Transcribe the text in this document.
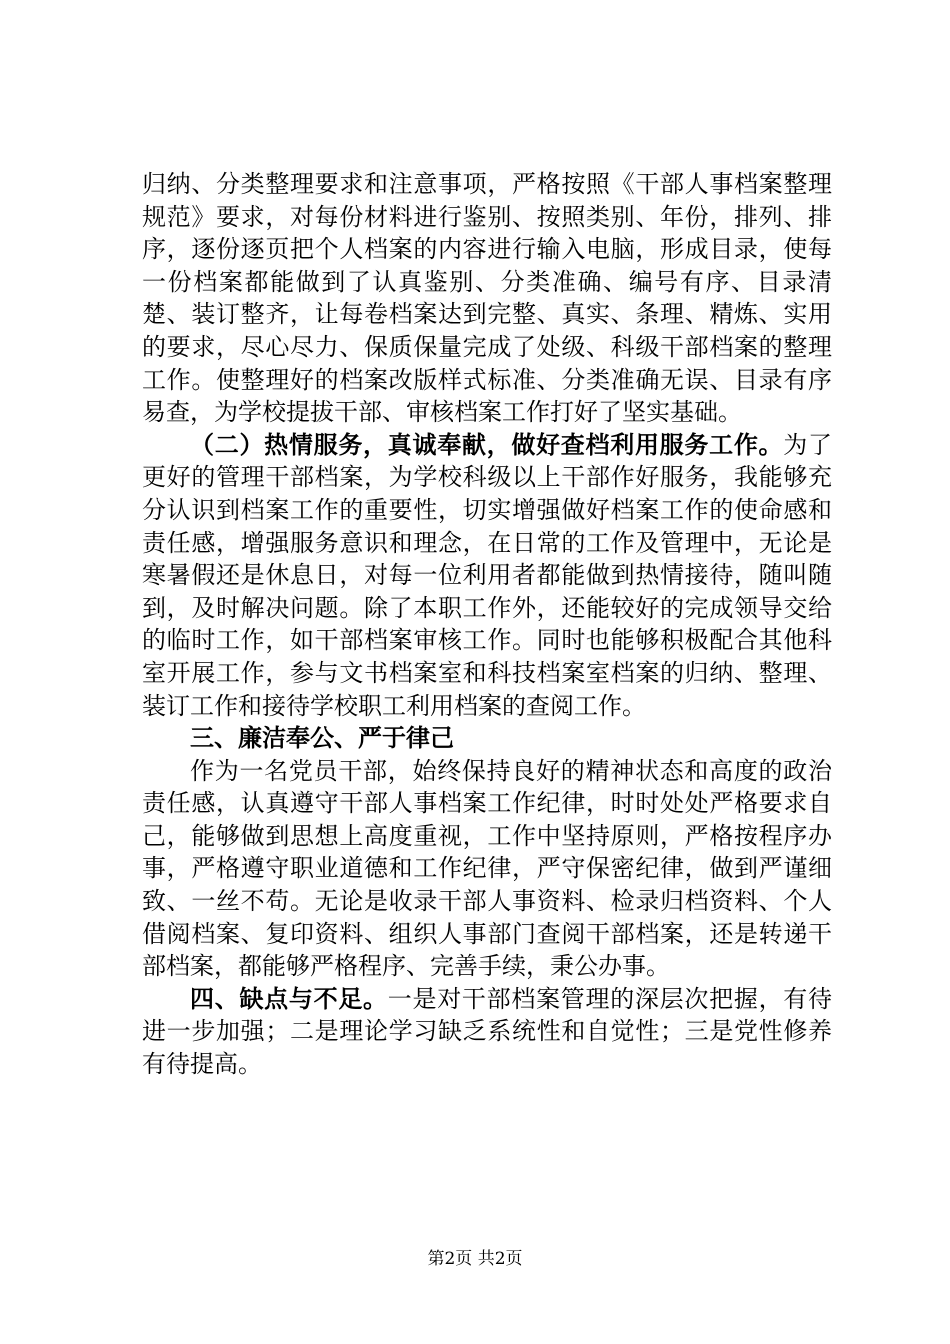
归纳、分类整理要求和注意事项，严格按照《干部人事档案整理规范》要求，对每份材料进行鉴别、按照类别、年份，排列、排序，逐份逐页把个人档案的内容进行输入电脑，形成目录，使每一份档案都能做到了认真鉴别、分类准确、编号有序、目录清楚、装订整齐，让每卷档案达到完整、真实、条理、精炼、实用的要求，尽心尽力、保质保量完成了处级、科级干部档案的整理工作。使整理好的档案改版样式标准、分类准确无误、目录有序易查，为学校提拔干部、审核档案工作打好了坚实基础。

（二）热情服务，真诚奉献，做好查档利用服务工作。为了更好的管理干部档案，为学校科级以上干部作好服务，我能够充分认识到档案工作的重要性，切实增强做好档案工作的使命感和责任感，增强服务意识和理念，在日常的工作及管理中，无论是寒暑假还是休息日，对每一位利用者都能做到热情接待，随叫随到，及时解决问题。除了本职工作外，还能较好的完成领导交给的临时工作，如干部档案审核工作。同时也能够积极配合其他科室开展工作，参与文书档案室和科技档案室档案的归纳、整理、装订工作和接待学校职工利用档案的查阅工作。

三、廉洁奉公、严于律己

作为一名党员干部，始终保持良好的精神状态和高度的政治责任感，认真遵守干部人事档案工作纪律，时时处处严格要求自己，能够做到思想上高度重视，工作中坚持原则，严格按程序办事，严格遵守职业道德和工作纪律，严守保密纪律，做到严谨细致、一丝不苟。无论是收录干部人事资料、检录归档资料、个人借阅档案、复印资料、组织人事部门查阅干部档案，还是转递干部档案，都能够严格程序、完善手续，秉公办事。

四、缺点与不足。一是对干部档案管理的深层次把握，有待进一步加强；二是理论学习缺乏系统性和自觉性；三是党性修养有待提高。

第2页 共2页
